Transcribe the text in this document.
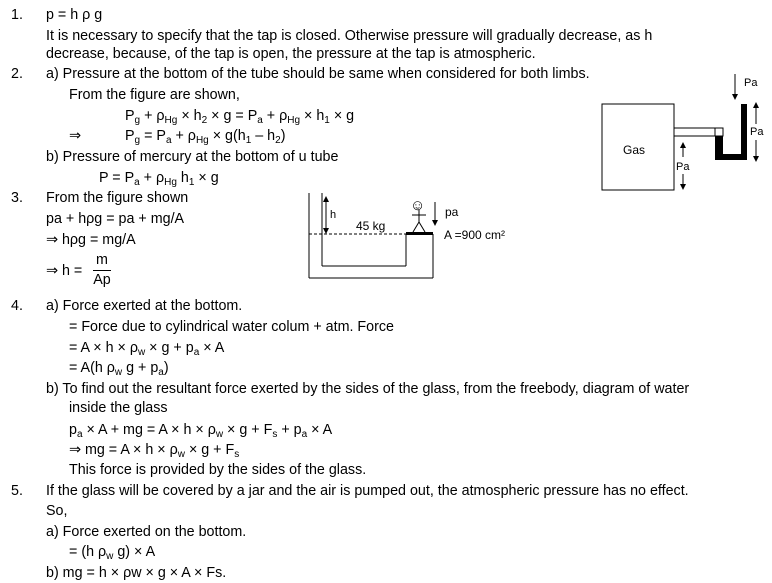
1. p = h ρ g
It is necessary to specify that the tap is closed. Otherwise pressure will gradually decrease, as h
decrease, because, of the tap is open, the pressure at the tap is atmospheric.
2. a) Pressure at the bottom of the tube should be same when considered for both limbs.
From the figure are shown,
$P_g + \rho_{Hg} \times h_2 \times g = P_a + \rho_{Hg} \times h_1 \times g$
⇒	$P_g = P_a + \rho_{Hg} \times g(h_1 - h_2)$
b) Pressure of mercury at the bottom of u tube
$P = P_a + \rho_{Hg}$ $h_1 \times g$
3. From the figure shown
pa + hρg = pa + mg/A
⇒ hρg = mg/A
⇒ $h = \frac{m}{Ap}$
4. a) Force exerted at the bottom.
= Force due to cylindrical water colum + atm. Force
= $A \times h \times \rho_w \times g + p_a \times A$
= A(h $\rho_w$ $g + p_a$)
b) To find out the resultant force exerted by the sides of the glass, from the freebody, diagram of water
inside the glass
$p_a \times A$ + mg = $A \times h \times \rho_w \times g + F_s + p_a \times A$
⇒ mg = $A \times h \times \rho_w \times g + F_s$
This force is provided by the sides of the glass.
5. If the glass will be covered by a jar and the air is pumped out, the atmospheric pressure has no effect.
So,
a) Force exerted on the bottom.
= (h $\rho_w$ g) × A
b) mg = h × ρw × g × A × Fs.
Gas
Pa
Pa
Pa
h
45 kg
☺ pa
A =900 cm²
